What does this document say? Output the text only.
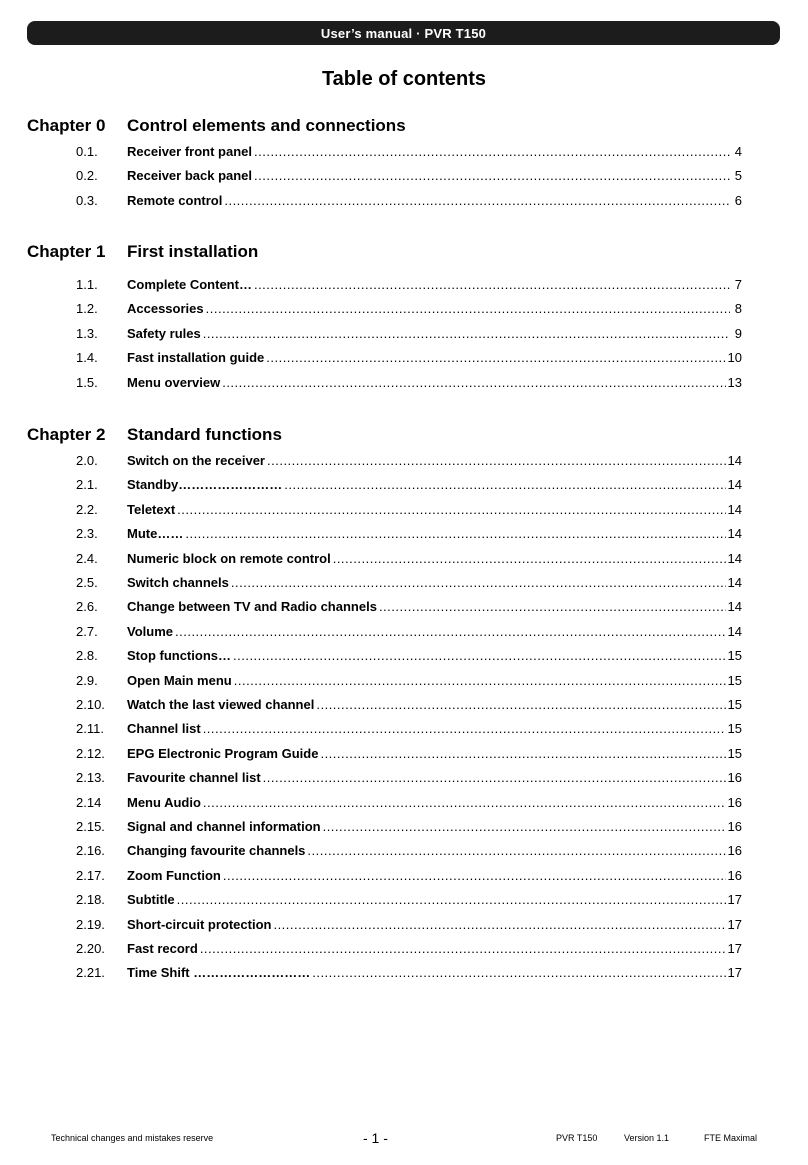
User’s manual · PVR T150
Table of contents
Chapter 0 Control elements and connections
0.1. Receiver front panel .....	4
0.2. Receiver back panel .....	5
0.3. Remote control .....	6
Chapter 1 First installation
1.1. Complete Content… .....	7
1.2. Accessories .....	8
1.3. Safety rules .....	9
1.4. Fast installation guide .....	10
1.5. Menu overview .....	13
Chapter 2 Standard functions
2.0. Switch on the receiver .....	14
2.1. Standby…………………… .....	14
2.2. Teletext .....	14
2.3. Mute…… .....	14
2.4. Numeric block on remote control .....	14
2.5. Switch channels .....	14
2.6. Change between TV and Radio channels .....	14
2.7. Volume .....	14
2.8. Stop functions… .....	15
2.9. Open Main menu .....	15
2.10. Watch the last viewed channel .....	15
2.11. Channel list .....	15
2.12. EPG Electronic Program Guide .....	15
2.13. Favourite channel list .....	16
2.14 Menu Audio .....	16
2.15. Signal and channel information .....	16
2.16. Changing favourite channels .....	16
2.17. Zoom Function .....	16
2.18. Subtitle .....	17
2.19. Short-circuit protection .....	17
2.20. Fast record .....	17
2.21. Time Shift ……………………… .....	17
Technical changes and mistakes reserve	- 1 -	PVR T150	Version 1.1	FTE Maximal
